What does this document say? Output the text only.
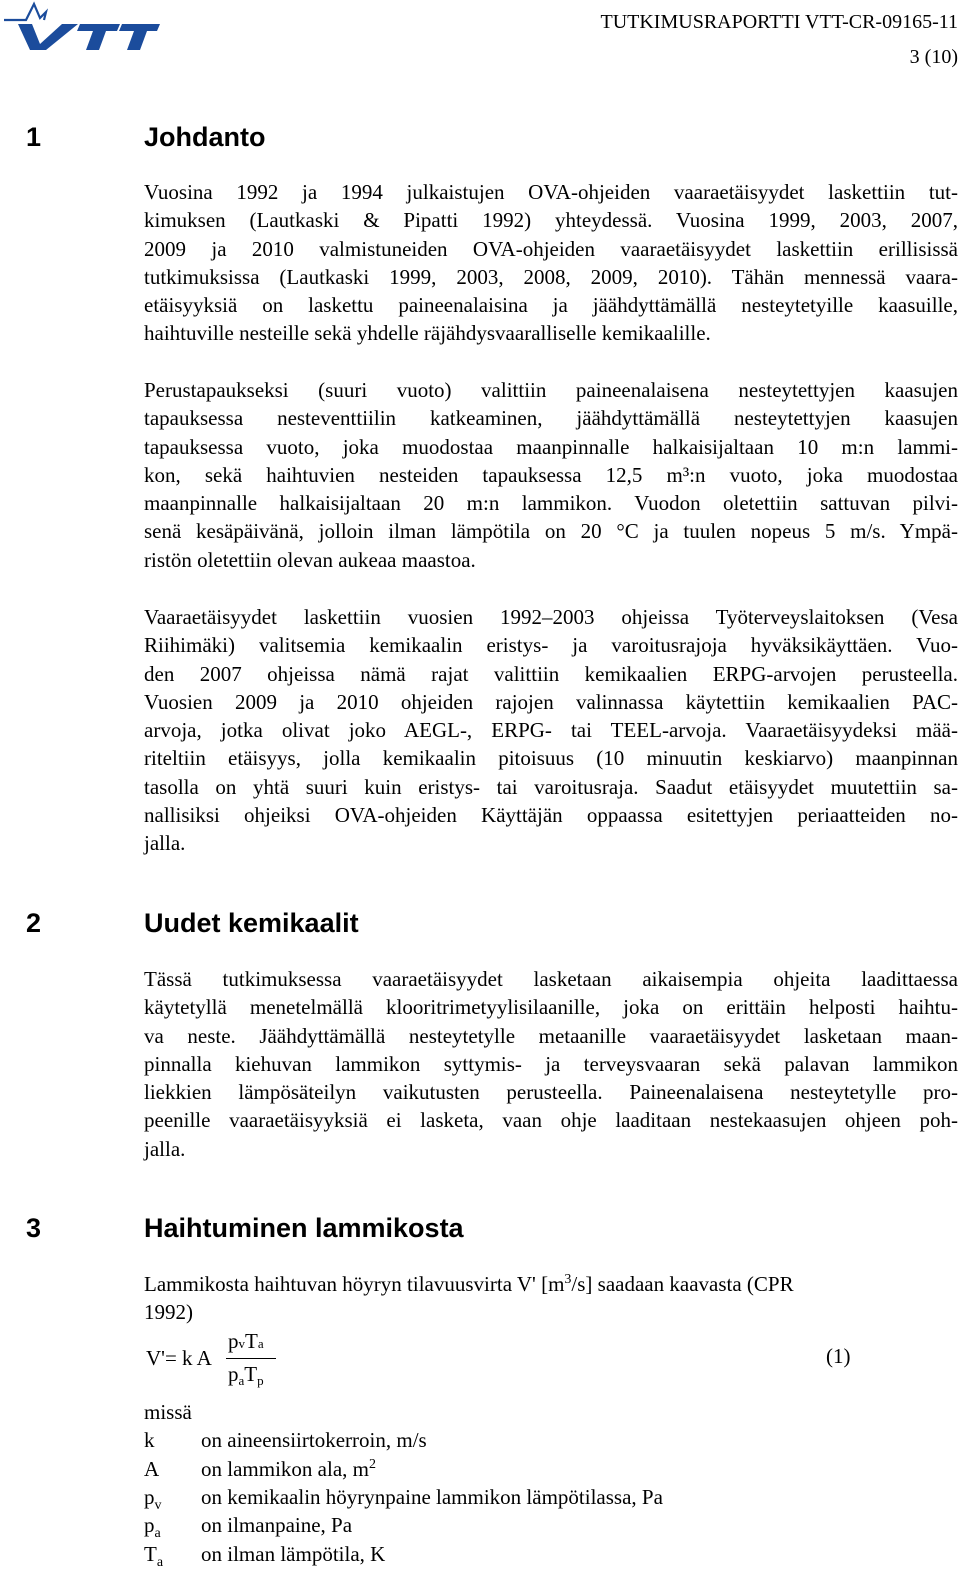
TUTKIMUSRAPORTTI VTT-CR-09165-11
3 (10)
1	Johdanto
Vuosina 1992 ja 1994 julkaistujen OVA-ohjeiden vaaraetäisyydet laskettiin tut-
kimuksen (Lautkaski & Pipatti 1992) yhteydessä. Vuosina 1999, 2003, 2007,
2009 ja 2010 valmistuneiden OVA-ohjeiden vaaraetäisyydet laskettiin erillisissä
tutkimuksissa (Lautkaski 1999, 2003, 2008, 2009, 2010). Tähän mennessä vaara-
etäisyyksiä on laskettu paineenalaisina ja jäähdyttämällä nesteytetyille kaasuille,
haihtuville nesteille sekä yhdelle räjähdysvaaralliselle kemikaalille.
Perustapaukseksi (suuri vuoto) valittiin paineenalaisena nesteytettyjen kaasujen
tapauksessa nesteventtiilin katkeaminen, jäähdyttämällä nesteytettyjen kaasujen
tapauksessa vuoto, joka muodostaa maanpinnalle halkaisijaltaan 10 m:n lammi-
kon, sekä haihtuvien nesteiden tapauksessa 12,5 m³:n vuoto, joka muodostaa
maanpinnalle halkaisijaltaan 20 m:n lammikon. Vuodon oletettiin sattuvan pilvi-
senä kesäpäivänä, jolloin ilman lämpötila on 20 °C ja tuulen nopeus 5 m/s. Ympä-
ristön oletettiin olevan aukeaa maastoa.
Vaaraetäisyydet laskettiin vuosien 1992–2003 ohjeissa Työterveyslaitoksen (Vesa
Riihimäki) valitsemia kemikaalin eristys- ja varoitusrajoja hyväksikäyttäen. Vuo-
den 2007 ohjeissa nämä rajat valittiin kemikaalien ERPG-arvojen perusteella.
Vuosien 2009 ja 2010 ohjeiden rajojen valinnassa käytettiin kemikaalien PAC-
arvoja, jotka olivat joko AEGL-, ERPG- tai TEEL-arvoja. Vaaraetäisyydeksi mää-
riteltiin etäisyys, jolla kemikaalin pitoisuus (10 minuutin keskiarvo) maanpinnan
tasolla on yhtä suuri kuin eristys- tai varoitusraja. Saadut etäisyydet muutettiin sa-
nallisiksi ohjeiksi OVA-ohjeiden Käyttäjän oppaassa esitettyjen periaatteiden no-
jalla.
2	Uudet kemikaalit
Tässä tutkimuksessa vaaraetäisyydet lasketaan aikaisempia ohjeita laadittaessa
käytetyllä menetelmällä klooritrimetyylisilaanille, joka on erittäin helposti haihtu-
va neste. Jäähdyttämällä nesteytetylle metaanille vaaraetäisyydet lasketaan maan-
pinnalla kiehuvan lammikon syttymis- ja terveysvaaran sekä palavan lammikon
liekkien lämpösäteilyn vaikutusten perusteella. Paineenalaisena nesteytetylle pro-
peenille vaaraetäisyyksiä ei lasketa, vaan ohje laaditaan nestekaasujen ohjeen poh-
jalla.
3	Haihtuminen lammikosta
Lammikosta haihtuvan höyryn tilavuusvirta V' $[m^3/s]$ saadaan kaavasta (CPR
1992)
V'= k A
pvTa
paTp
(1)
missä
k on aineensiirtokerroin, m/s
A on lammikon ala, $m^2$
$p_v$ on kemikaalin höyrynpaine lammikon lämpötilassa, Pa
$p_a$ on ilmanpaine, Pa
$T_a$ on ilman lämpötila, K
